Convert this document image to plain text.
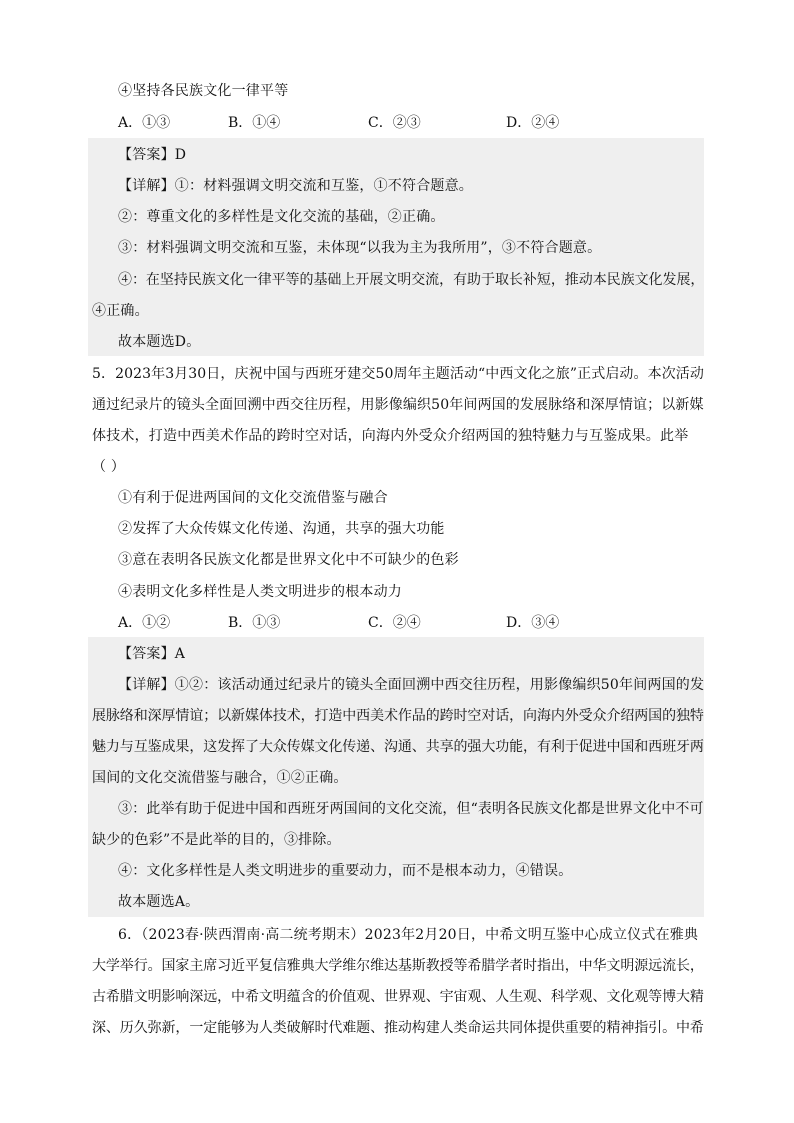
④坚持各民族文化一律平等
A．①③	B．①④	C．②③	D．②④
【答案】D
【详解】①：材料强调文明交流和互鉴，①不符合题意。
②：尊重文化的多样性是文化交流的基础，②正确。
③：材料强调文明交流和互鉴，未体现“以我为主为我所用”，③不符合题意。
④：在坚持民族文化一律平等的基础上开展文明交流，有助于取长补短，推动本民族文化发展，
④正确。
故本题选D。
5．2023年3月30日，庆祝中国与西班牙建交50周年主题活动“中西文化之旅”正式启动。本次活动
通过纪录片的镜头全面回溯中西交往历程，用影像编织50年间两国的发展脉络和深厚情谊；以新媒
体技术，打造中西美术作品的跨时空对话，向海内外受众介绍两国的独特魅力与互鉴成果。此举
（ ）
①有利于促进两国间的文化交流借鉴与融合
②发挥了大众传媒文化传递、沟通，共享的强大功能
③意在表明各民族文化都是世界文化中不可缺少的色彩
④表明文化多样性是人类文明进步的根本动力
A．①②	B．①③	C．②④	D．③④
【答案】A
【详解】①②：该活动通过纪录片的镜头全面回溯中西交往历程，用影像编织50年间两国的发
展脉络和深厚情谊；以新媒体技术，打造中西美术作品的跨时空对话，向海内外受众介绍两国的独特
魅力与互鉴成果，这发挥了大众传媒文化传递、沟通、共享的强大功能，有利于促进中国和西班牙两
国间的文化交流借鉴与融合，①②正确。
③：此举有助于促进中国和西班牙两国间的文化交流，但“表明各民族文化都是世界文化中不可
缺少的色彩”不是此举的目的，③排除。
④：文化多样性是人类文明进步的重要动力，而不是根本动力，④错误。
故本题选A。
6．（2023春·陕西渭南·高二统考期末）2023年2月20日，中希文明互鉴中心成立仪式在雅典
大学举行。国家主席习近平复信雅典大学维尔维达基斯教授等希腊学者时指出，中华文明源远流长，
古希腊文明影响深远，中希文明蕴含的价值观、世界观、宇宙观、人生观、科学观、文化观等博大精
深、历久弥新，一定能够为人类破解时代难题、推动构建人类命运共同体提供重要的精神指引。中希
